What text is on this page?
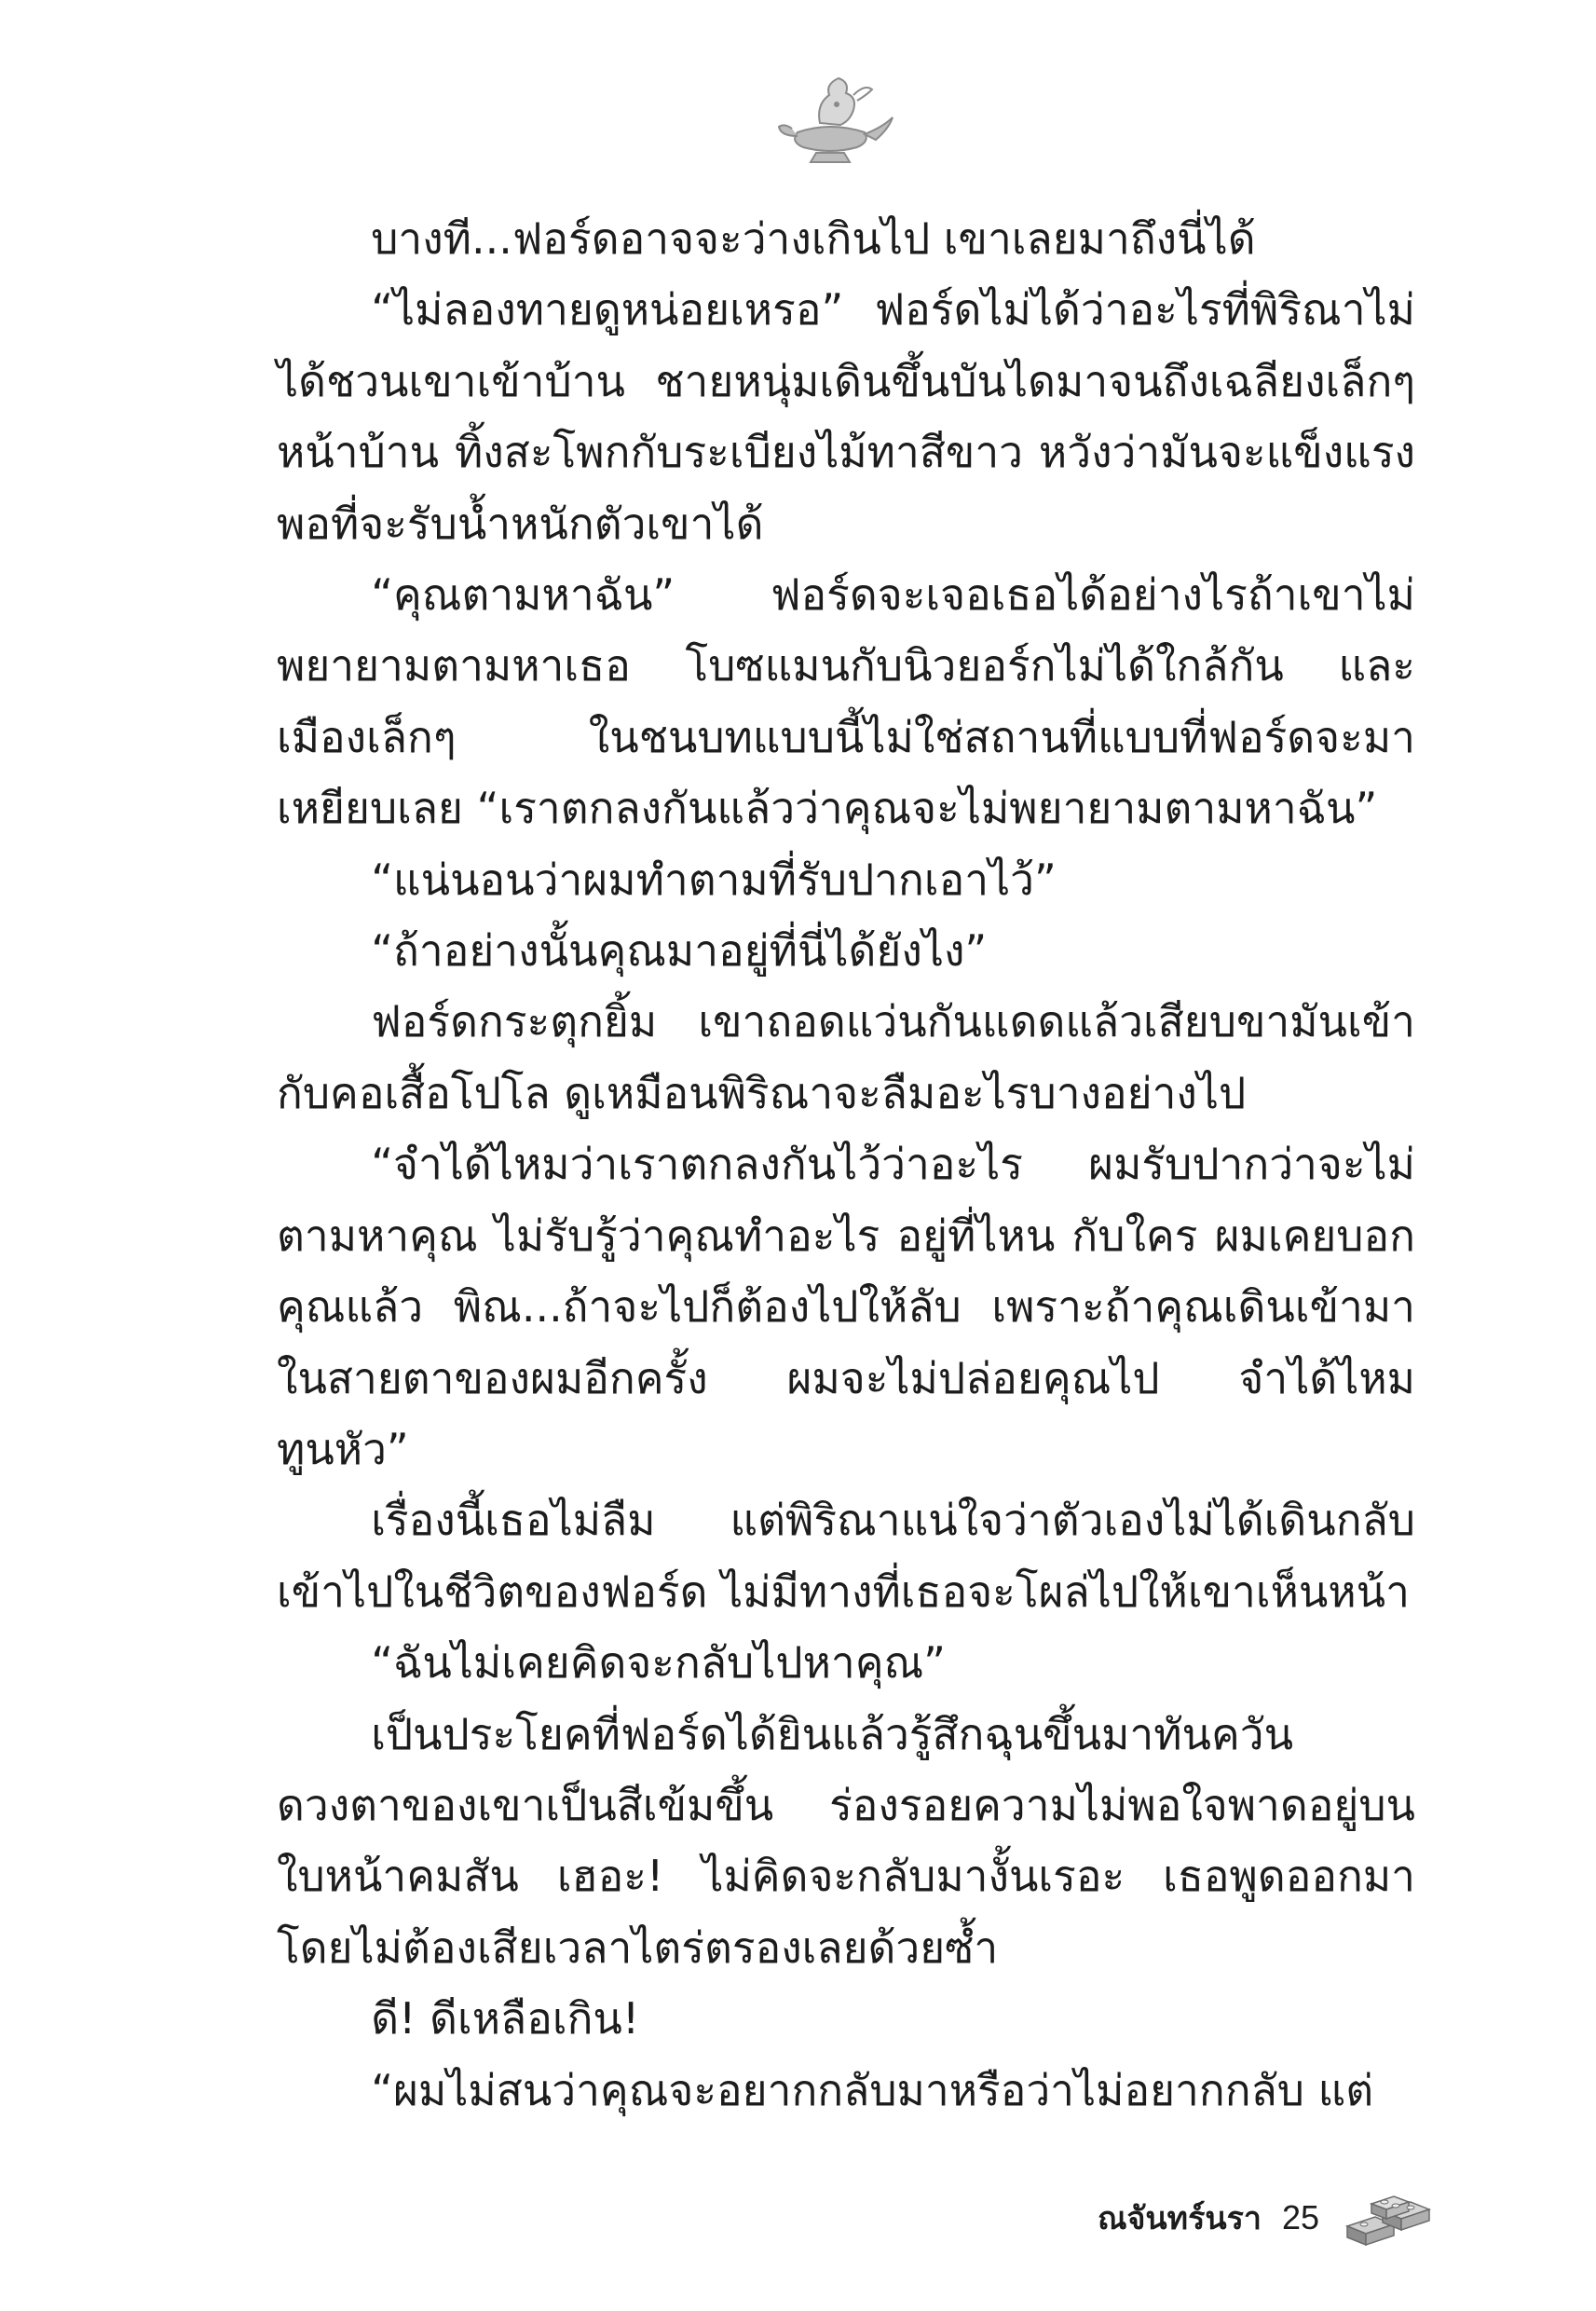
บางที...ฟอร์ดอาจจะว่างเกินไป เขาเลยมาถึงนี่ได้

“ไม่ลองทายดูหน่อยเหรอ” ฟอร์ดไม่ได้ว่าอะไรที่พิริณาไม่ได้ชวนเขาเข้าบ้าน ชายหนุ่มเดินขึ้นบันไดมาจนถึงเฉลียงเล็กๆ หน้าบ้าน ทิ้งสะโพกกับระเบียงไม้ทาสีขาว หวังว่ามันจะแข็งแรงพอที่จะรับน้ำหนักตัวเขาได้

“คุณตามหาฉัน” ฟอร์ดจะเจอเธอได้อย่างไรถ้าเขาไม่พยายามตามหาเธอ โบซแมนกับนิวยอร์กไม่ได้ใกล้กัน และเมืองเล็กๆ ในชนบทแบบนี้ไม่ใช่สถานที่แบบที่ฟอร์ดจะมาเหยียบเลย “เราตกลงกันแล้วว่าคุณจะไม่พยายามตามหาฉัน”

“แน่นอนว่าผมทำตามที่รับปากเอาไว้”

“ถ้าอย่างนั้นคุณมาอยู่ที่นี่ได้ยังไง”

ฟอร์ดกระตุกยิ้ม เขาถอดแว่นกันแดดแล้วเสียบขามันเข้ากับคอเสื้อโปโล ดูเหมือนพิริณาจะลืมอะไรบางอย่างไป

“จำได้ไหมว่าเราตกลงกันไว้ว่าอะไร ผมรับปากว่าจะไม่ตามหาคุณ ไม่รับรู้ว่าคุณทำอะไร อยู่ที่ไหน กับใคร ผมเคยบอกคุณแล้ว พิณ...ถ้าจะไปก็ต้องไปให้ลับ เพราะถ้าคุณเดินเข้ามาในสายตาของผมอีกครั้ง ผมจะไม่ปล่อยคุณไป จำได้ไหมทูนหัว”

เรื่องนี้เธอไม่ลืม แต่พิริณาแน่ใจว่าตัวเองไม่ได้เดินกลับเข้าไปในชีวิตของฟอร์ด ไม่มีทางที่เธอจะโผล่ไปให้เขาเห็นหน้า

“ฉันไม่เคยคิดจะกลับไปหาคุณ”

เป็นประโยคที่ฟอร์ดได้ยินแล้วรู้สึกฉุนขึ้นมาทันควัน ดวงตาของเขาเป็นสีเข้มขึ้น ร่องรอยความไม่พอใจพาดอยู่บนใบหน้าคมสัน เฮอะ! ไม่คิดจะกลับมางั้นเรอะ เธอพูดออกมาโดยไม่ต้องเสียเวลาไตร่ตรองเลยด้วยซ้ำ

ดี! ดีเหลือเกิน!

“ผมไม่สนว่าคุณจะอยากกลับมาหรือว่าไม่อยากกลับ แต่

ณจันทร์นรา 25
